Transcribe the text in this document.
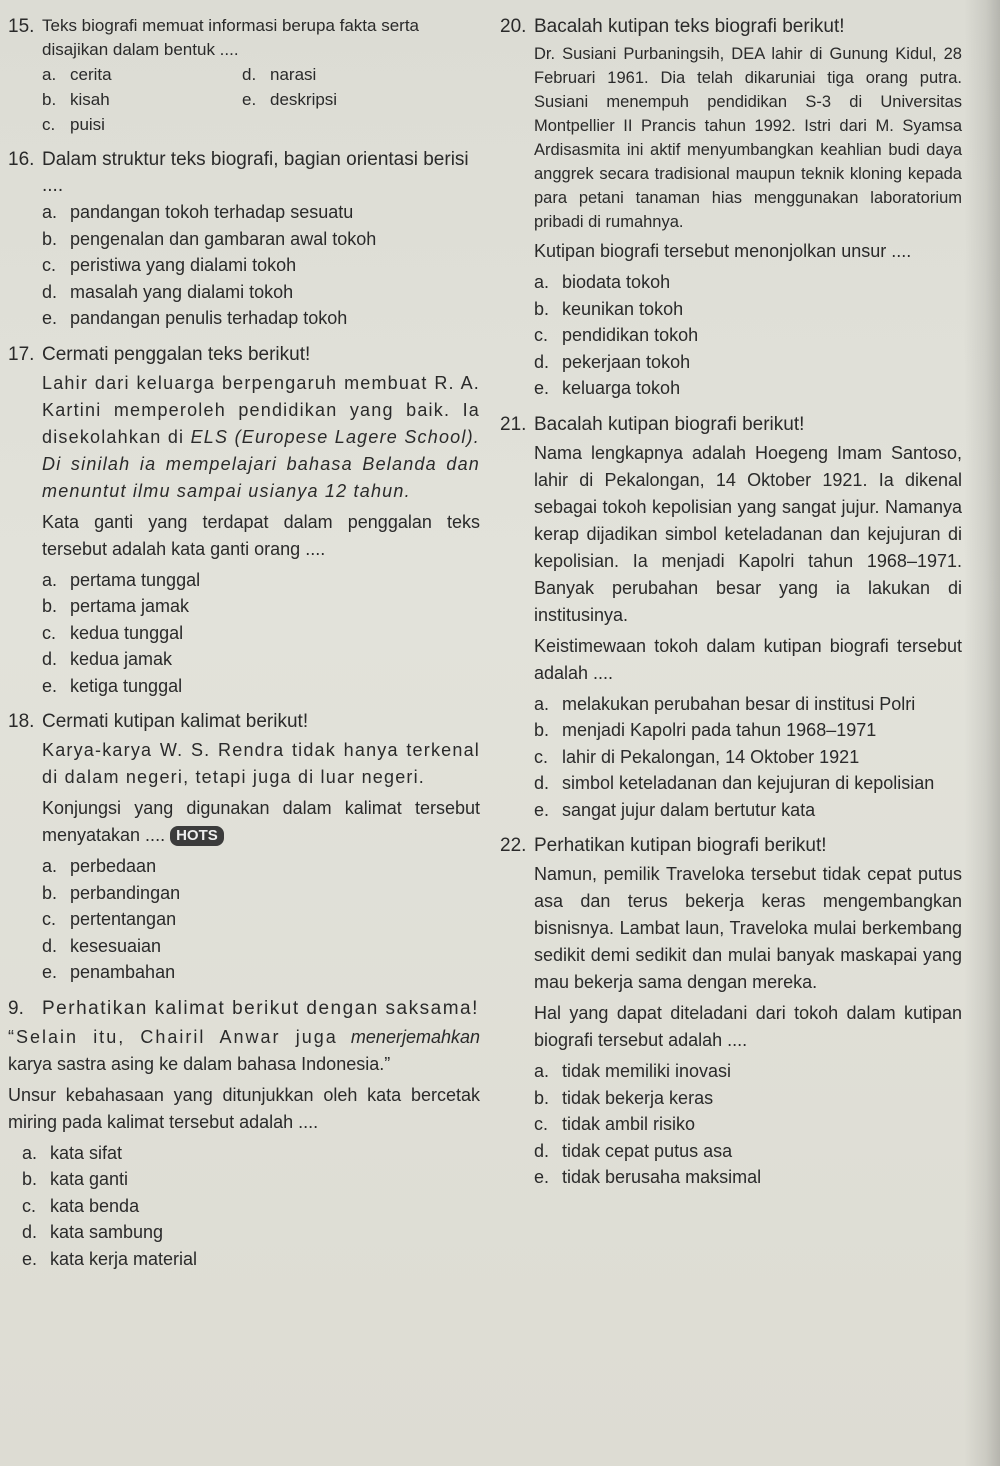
15. Teks biografi memuat informasi berupa fakta serta disajikan dalam bentuk ....
a. cerita	d. narasi
b. kisah	e. deskripsi
c. puisi
16. Dalam struktur teks biografi, bagian orientasi berisi ....
a. pandangan tokoh terhadap sesuatu
b. pengenalan dan gambaran awal tokoh
c. peristiwa yang dialami tokoh
d. masalah yang dialami tokoh
e. pandangan penulis terhadap tokoh
17. Cermati penggalan teks berikut!
Lahir dari keluarga berpengaruh membuat R. A. Kartini memperoleh pendidikan yang baik. Ia disekolahkan di ELS (Europese Lagere School). Di sinilah ia mempelajari bahasa Belanda dan menuntut ilmu sampai usianya 12 tahun.
Kata ganti yang terdapat dalam penggalan teks tersebut adalah kata ganti orang ....
a. pertama tunggal
b. pertama jamak
c. kedua tunggal
d. kedua jamak
e. ketiga tunggal
18. Cermati kutipan kalimat berikut!
Karya-karya W. S. Rendra tidak hanya terkenal di dalam negeri, tetapi juga di luar negeri.
Konjungsi yang digunakan dalam kalimat tersebut menyatakan .... HOTS
a. perbedaan
b. perbandingan
c. pertentangan
d. kesesuaian
e. penambahan
9. Perhatikan kalimat berikut dengan saksama!
“Selain itu, Chairil Anwar juga menerjemahkan karya sastra asing ke dalam bahasa Indonesia.”
Unsur kebahasaan yang ditunjukkan oleh kata bercetak miring pada kalimat tersebut adalah ....
a. kata sifat
b. kata ganti
c. kata benda
d. kata sambung
e. kata kerja material
20. Bacalah kutipan teks biografi berikut!
Dr. Susiani Purbaningsih, DEA lahir di Gunung Kidul, 28 Februari 1961. Dia telah dikaruniai tiga orang putra. Susiani menempuh pendidikan S-3 di Universitas Montpellier II Prancis tahun 1992. Istri dari M. Syamsa Ardisasmita ini aktif menyumbangkan keahlian budi daya anggrek secara tradisional maupun teknik kloning kepada para petani tanaman hias menggunakan laboratorium pribadi di rumahnya.
Kutipan biografi tersebut menonjolkan unsur ....
a. biodata tokoh
b. keunikan tokoh
c. pendidikan tokoh
d. pekerjaan tokoh
e. keluarga tokoh
21. Bacalah kutipan biografi berikut!
Nama lengkapnya adalah Hoegeng Imam Santoso, lahir di Pekalongan, 14 Oktober 1921. Ia dikenal sebagai tokoh kepolisian yang sangat jujur. Namanya kerap dijadikan simbol keteladanan dan kejujuran di kepolisian. Ia menjadi Kapolri tahun 1968–1971. Banyak perubahan besar yang ia lakukan di institusinya.
Keistimewaan tokoh dalam kutipan biografi tersebut adalah ....
a. melakukan perubahan besar di institusi Polri
b. menjadi Kapolri pada tahun 1968–1971
c. lahir di Pekalongan, 14 Oktober 1921
d. simbol keteladanan dan kejujuran di kepolisian
e. sangat jujur dalam bertutur kata
22. Perhatikan kutipan biografi berikut!
Namun, pemilik Traveloka tersebut tidak cepat putus asa dan terus bekerja keras mengembangkan bisnisnya. Lambat laun, Traveloka mulai berkembang sedikit demi sedikit dan mulai banyak maskapai yang mau bekerja sama dengan mereka.
Hal yang dapat diteladani dari tokoh dalam kutipan biografi tersebut adalah ....
a. tidak memiliki inovasi
b. tidak bekerja keras
c. tidak ambil risiko
d. tidak cepat putus asa
e. tidak berusaha maksimal
